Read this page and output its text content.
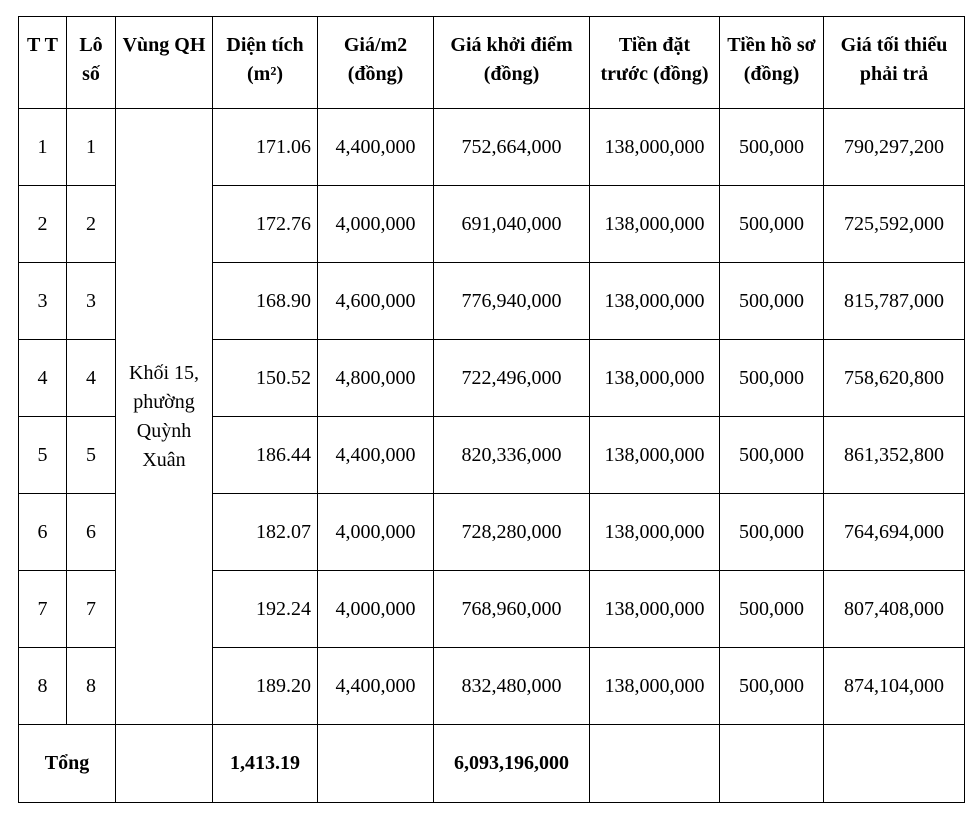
T T	Lô số	Vùng QH	Diện tích (m²)	Giá/m2 (đồng)	Giá khởi điểm (đồng)	Tiền đặt trước (đồng)	Tiền hồ sơ (đồng)	Giá tối thiểu phải trả
1	1	Khối 15, phường Quỳnh Xuân	171.06	4,400,000	752,664,000	138,000,000	500,000	790,297,200
2	2		172.76	4,000,000	691,040,000	138,000,000	500,000	725,592,000
3	3		168.90	4,600,000	776,940,000	138,000,000	500,000	815,787,000
4	4		150.52	4,800,000	722,496,000	138,000,000	500,000	758,620,800
5	5		186.44	4,400,000	820,336,000	138,000,000	500,000	861,352,800
6	6		182.07	4,000,000	728,280,000	138,000,000	500,000	764,694,000
7	7		192.24	4,000,000	768,960,000	138,000,000	500,000	807,408,000
8	8		189.20	4,400,000	832,480,000	138,000,000	500,000	874,104,000
Tổng			1,413.19		6,093,196,000			
